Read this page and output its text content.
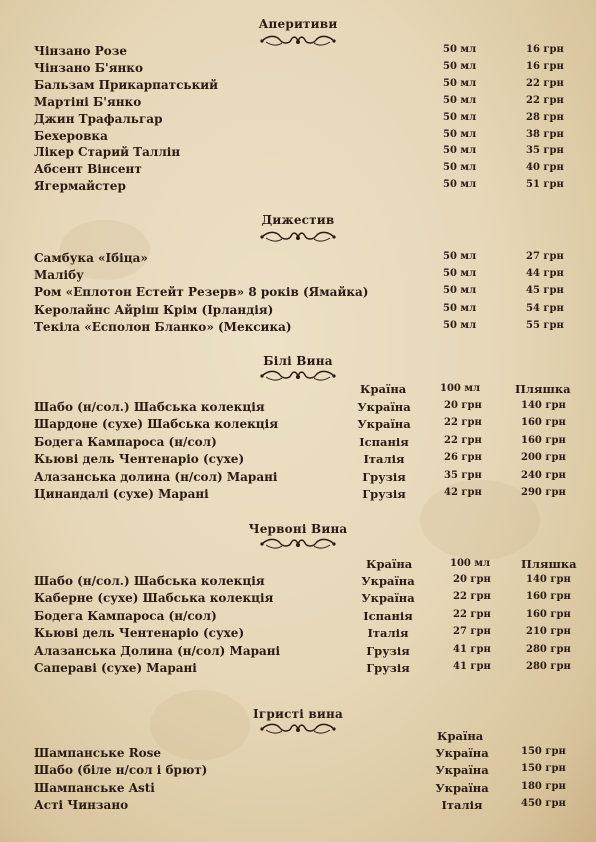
Аперитиви
Чінзано Розе	50 мл	16 грн
Чінзано Б'янко	50 мл	16 грн
Бальзам Прикарпатський	50 мл	22 грн
Мартіні Б'янко	50 мл	22 грн
Джин Трафальгар	50 мл	28 грн
Бехеровка	50 мл	38 грн
Лікер Старий Таллін	50 мл	35 грн
Абсент Вінсент	50 мл	40 грн
Ягермайстер	50 мл	51 грн
Дижестив
Самбука «Ібіца»	50 мл	27 грн
Малібу	50 мл	44 грн
Ром «Еплотон Естейт Резерв» 8 років (Ямайка)	50 мл	45 грн
Керолайнс Айріш Крім (Ірландія)	50 мл	54 грн
Текіла «Есполон Бланко» (Мексика)	50 мл	55 грн
Білі Вина
Країна	100 мл	Пляшка
Шабо (н/сол.) Шабська колекція	Україна	20 грн	140 грн
Шардоне (сухе) Шабська колекція	Україна	22 грн	160 грн
Бодега Кампароса (н/сол)	Іспанія	22 грн	160 грн
Кьюві дель Чентенаріо (сухе)	Італія	26 грн	200 грн
Алазанська долина (н/сол) Марані	Грузія	35 грн	240 грн
Цинандалі (сухе) Марані	Грузія	42 грн	290 грн
Червоні Вина
Країна	100 мл	Пляшка
Шабо (н/сол.) Шабська колекція	Україна	20 грн	140 грн
Каберне (сухе) Шабська колекція	Україна	22 грн	160 грн
Бодега Кампароса (н/сол)	Іспанія	22 грн	160 грн
Кьюві дель Чентенаріо (сухе)	Італія	27 грн	210 грн
Алазанська Долина (н/сол) Марані	Грузія	41 грн	280 грн
Сапераві (сухе) Марані	Грузія	41 грн	280 грн
Ігристі вина
Країна
Шампанське Rose	Україна	150 грн
Шабо (біле н/сол і брют)	Україна	150 грн
Шампанське Asti	Україна	180 грн
Асті Чинзано	Італія	450 грн
